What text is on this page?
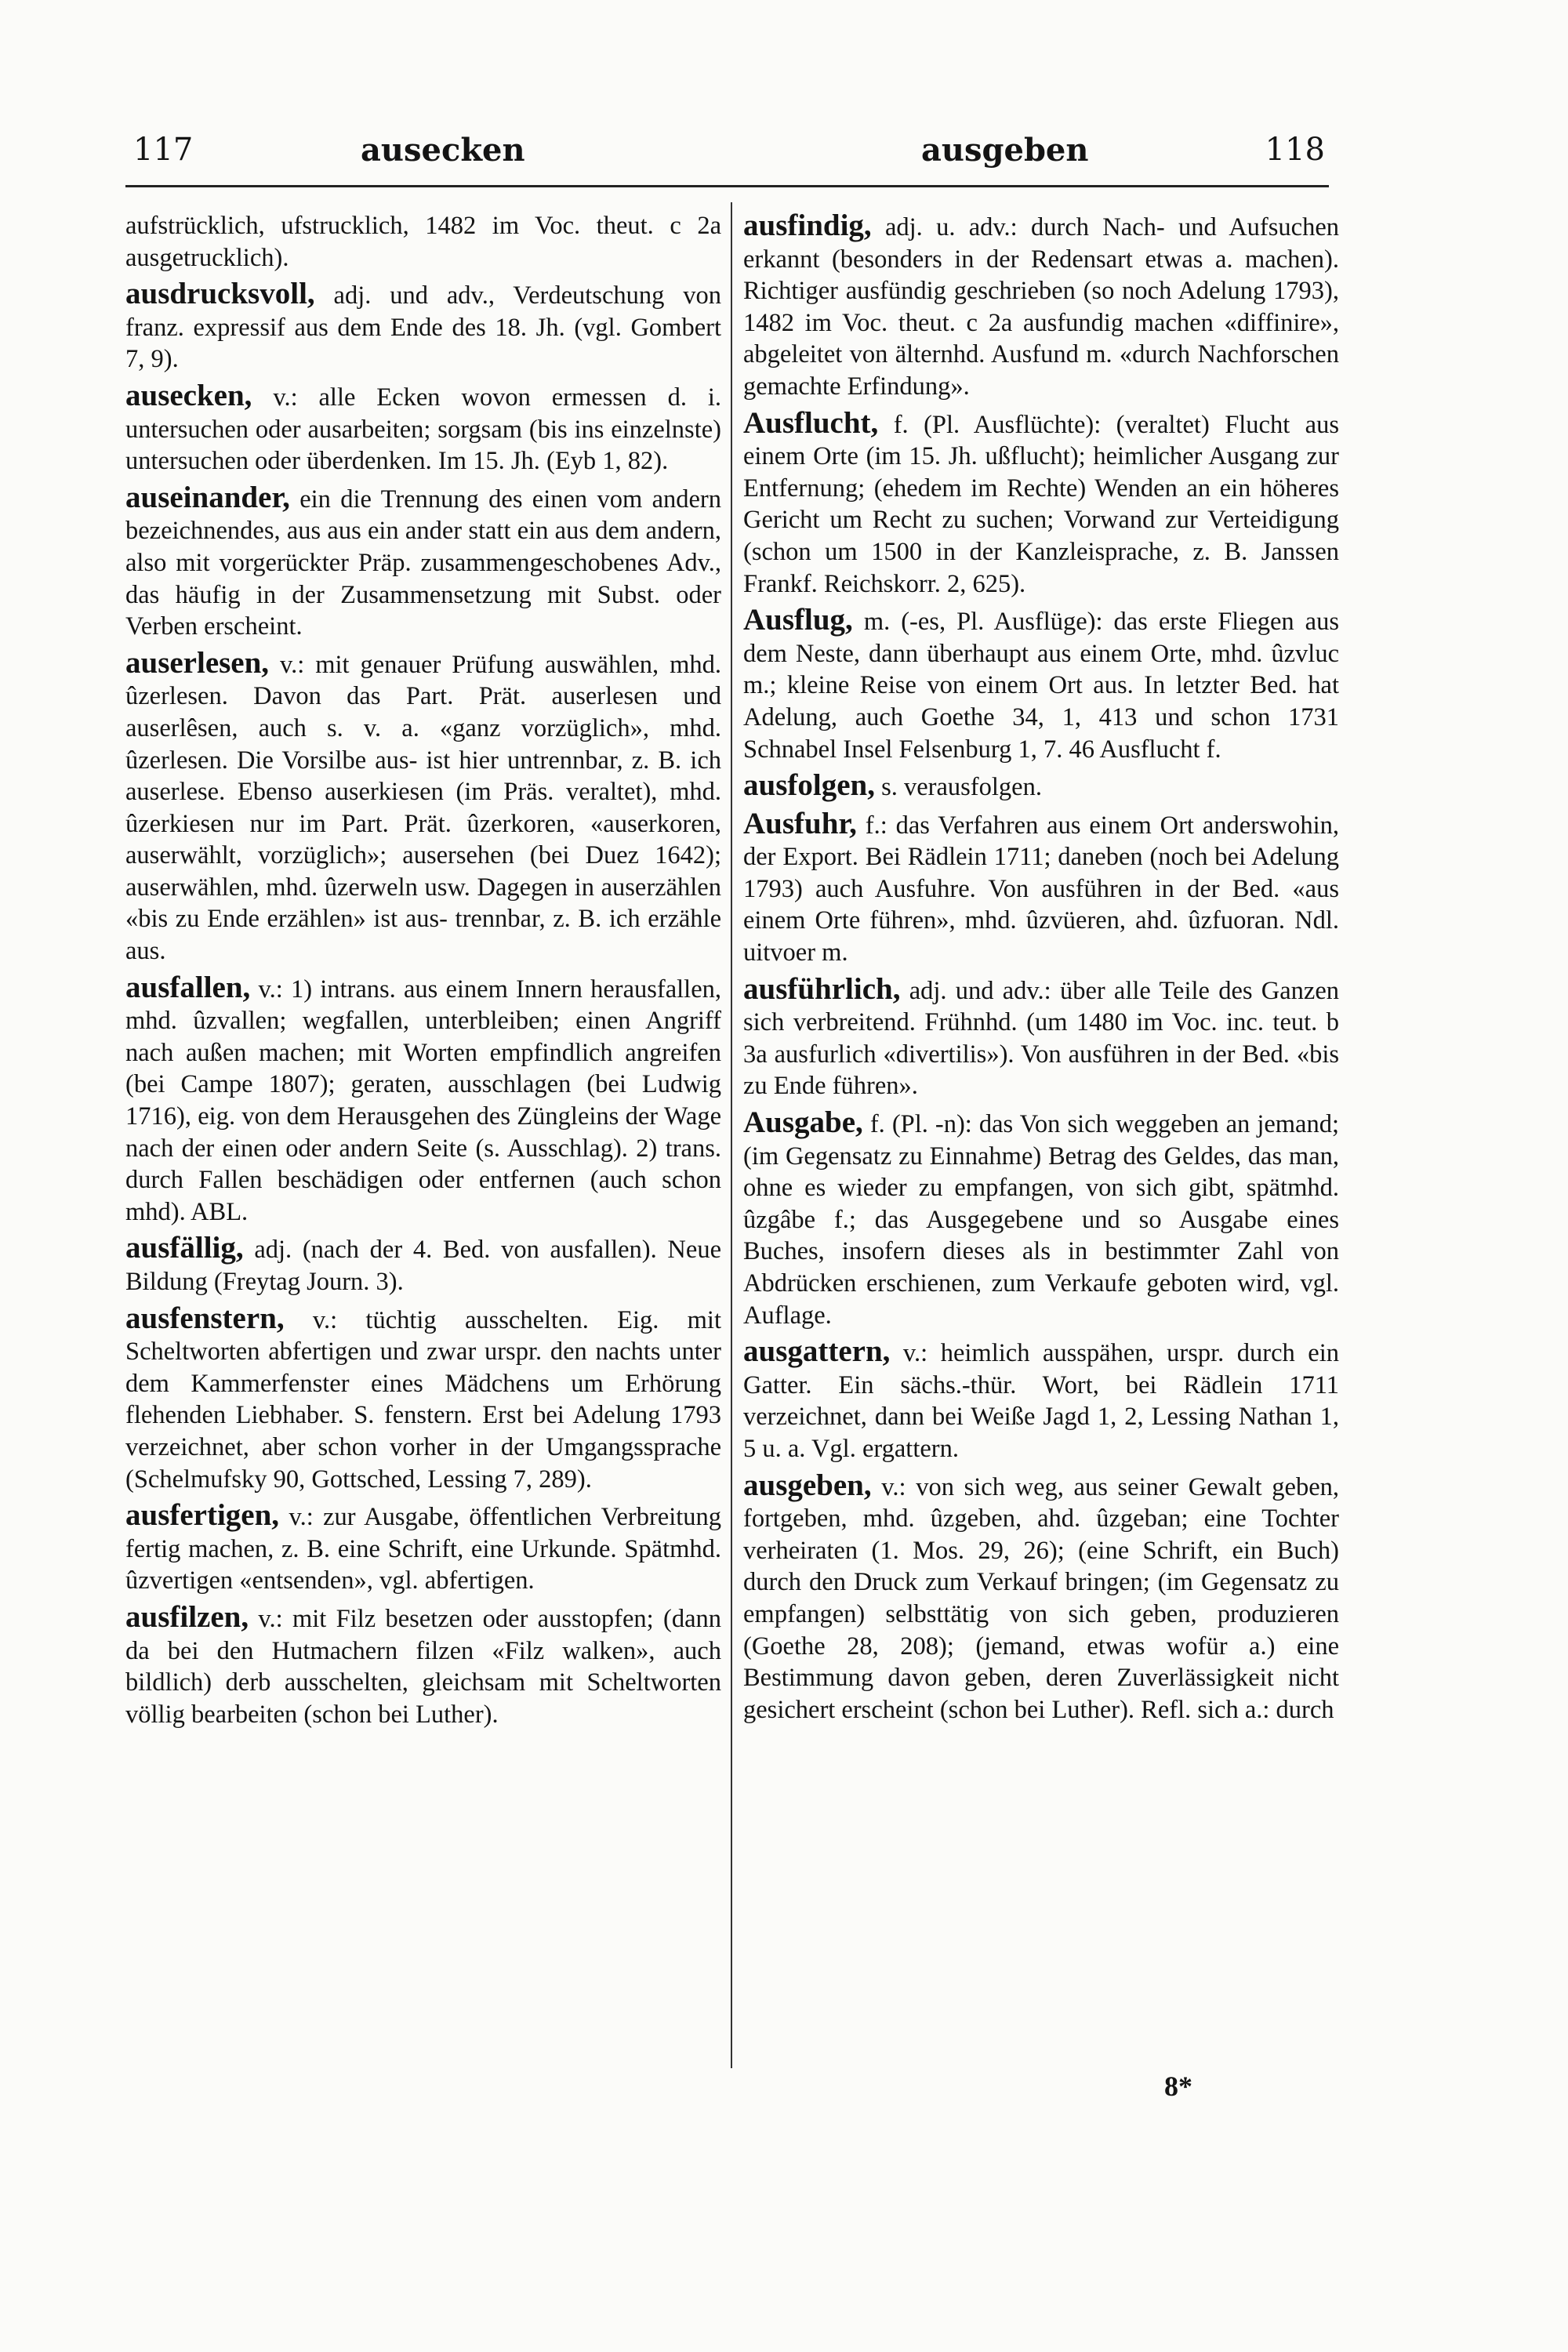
117	ausecken	ausgeben	118

aufstrücklich, ufstrucklich, 1482 im Voc. theut. c 2a ausgetrucklich).

ausdrucksvoll, adj. und adv., Verdeutschung von franz. expressif aus dem Ende des 18. Jh. (vgl. Gombert 7, 9).

ausecken, v.: alle Ecken wovon ermessen d. i. untersuchen oder ausarbeiten; sorgsam (bis ins einzelnste) untersuchen oder überdenken. Im 15. Jh. (Eyb 1, 82).

auseinander, ein die Trennung des einen vom andern bezeichnendes, aus aus ein ander statt ein aus dem andern, also mit vorgerückter Präp. zusammengeschobenes Adv., das häufig in der Zusammensetzung mit Subst. oder Verben erscheint.

auserlesen, v.: mit genauer Prüfung auswählen, mhd. ûzerlesen. Davon das Part. Prät. auserlesen und auserlêsen, auch s. v. a. «ganz vorzüglich», mhd. ûzerlesen. Die Vorsilbe aus- ist hier untrennbar, z. B. ich auserlese. Ebenso auserkiesen (im Präs. veraltet), mhd. ûzerkiesen nur im Part. Prät. ûzerkoren, «auserkoren, auserwählt, vorzüglich»; ausersehen (bei Duez 1642); auserwählen, mhd. ûzerweln usw. Dagegen in auserzählen «bis zu Ende erzählen» ist aus- trennbar, z. B. ich erzähle aus.

ausfallen, v.: 1) intrans. aus einem Innern herausfallen, mhd. ûzvallen; wegfallen, unterbleiben; einen Angriff nach außen machen; mit Worten empfindlich angreifen (bei Campe 1807); geraten, ausschlagen (bei Ludwig 1716), eig. von dem Herausgehen des Züngleins der Wage nach der einen oder andern Seite (s. Ausschlag). 2) trans. durch Fallen beschädigen oder entfernen (auch schon mhd). ABL.

ausfällig, adj. (nach der 4. Bed. von ausfallen). Neue Bildung (Freytag Journ. 3).

ausfenstern, v.: tüchtig ausschelten. Eig. mit Scheltworten abfertigen und zwar urspr. den nachts unter dem Kammerfenster eines Mädchens um Erhörung flehenden Liebhaber. S. fenstern. Erst bei Adelung 1793 verzeichnet, aber schon vorher in der Umgangssprache (Schelmufsky 90, Gottsched, Lessing 7, 289).

ausfertigen, v.: zur Ausgabe, öffentlichen Verbreitung fertig machen, z. B. eine Schrift, eine Urkunde. Spätmhd. ûzvertigen «entsenden», vgl. abfertigen.

ausfilzen, v.: mit Filz besetzen oder ausstopfen; (dann da bei den Hutmachern filzen «Filz walken», auch bildlich) derb ausschelten, gleichsam mit Scheltworten völlig bearbeiten (schon bei Luther).

ausfindig, adj. u. adv.: durch Nach- und Aufsuchen erkannt (besonders in der Redensart etwas a. machen). Richtiger ausfündig geschrieben (so noch Adelung 1793), 1482 im Voc. theut. c 2a ausfundig machen «diffinire», abgeleitet von älternhd. Ausfund m. «durch Nachforschen gemachte Erfindung».

Ausflucht, f. (Pl. Ausflüchte): (veraltet) Flucht aus einem Orte (im 15. Jh. ußflucht); heimlicher Ausgang zur Entfernung; (ehedem im Rechte) Wenden an ein höheres Gericht um Recht zu suchen; Vorwand zur Verteidigung (schon um 1500 in der Kanzleisprache, z. B. Janssen Frankf. Reichskorr. 2, 625).

Ausflug, m. (-es, Pl. Ausflüge): das erste Fliegen aus dem Neste, dann überhaupt aus einem Orte, mhd. ûzvluc m.; kleine Reise von einem Ort aus. In letzter Bed. hat Adelung, auch Goethe 34, 1, 413 und schon 1731 Schnabel Insel Felsenburg 1, 7. 46 Ausflucht f.

ausfolgen, s. verausfolgen.

Ausfuhr, f.: das Verfahren aus einem Ort anderswohin, der Export. Bei Rädlein 1711; daneben (noch bei Adelung 1793) auch Ausfuhre. Von ausführen in der Bed. «aus einem Orte führen», mhd. ûzvüeren, ahd. ûzfuoran. Ndl. uitvoer m.

ausführlich, adj. und adv.: über alle Teile des Ganzen sich verbreitend. Frühnhd. (um 1480 im Voc. inc. teut. b 3a ausfurlich «divertilis»). Von ausführen in der Bed. «bis zu Ende führen».

Ausgabe, f. (Pl. -n): das Von sich weggeben an jemand; (im Gegensatz zu Einnahme) Betrag des Geldes, das man, ohne es wieder zu empfangen, von sich gibt, spätmhd. ûzgâbe f.; das Ausgegebene und so Ausgabe eines Buches, insofern dieses als in bestimmter Zahl von Abdrücken erschienen, zum Verkaufe geboten wird, vgl. Auflage.

ausgattern, v.: heimlich ausspähen, urspr. durch ein Gatter. Ein sächs.-thür. Wort, bei Rädlein 1711 verzeichnet, dann bei Weiße Jagd 1, 2, Lessing Nathan 1, 5 u. a. Vgl. ergattern.

ausgeben, v.: von sich weg, aus seiner Gewalt geben, fortgeben, mhd. ûzgeben, ahd. ûzgeban; eine Tochter verheiraten (1. Mos. 29, 26); (eine Schrift, ein Buch) durch den Druck zum Verkauf bringen; (im Gegensatz zu empfangen) selbsttätig von sich geben, produzieren (Goethe 28, 208); (jemand, etwas wofür a.) eine Bestimmung davon geben, deren Zuverlässigkeit nicht gesichert erscheint (schon bei Luther). Refl. sich a.: durch

8*
